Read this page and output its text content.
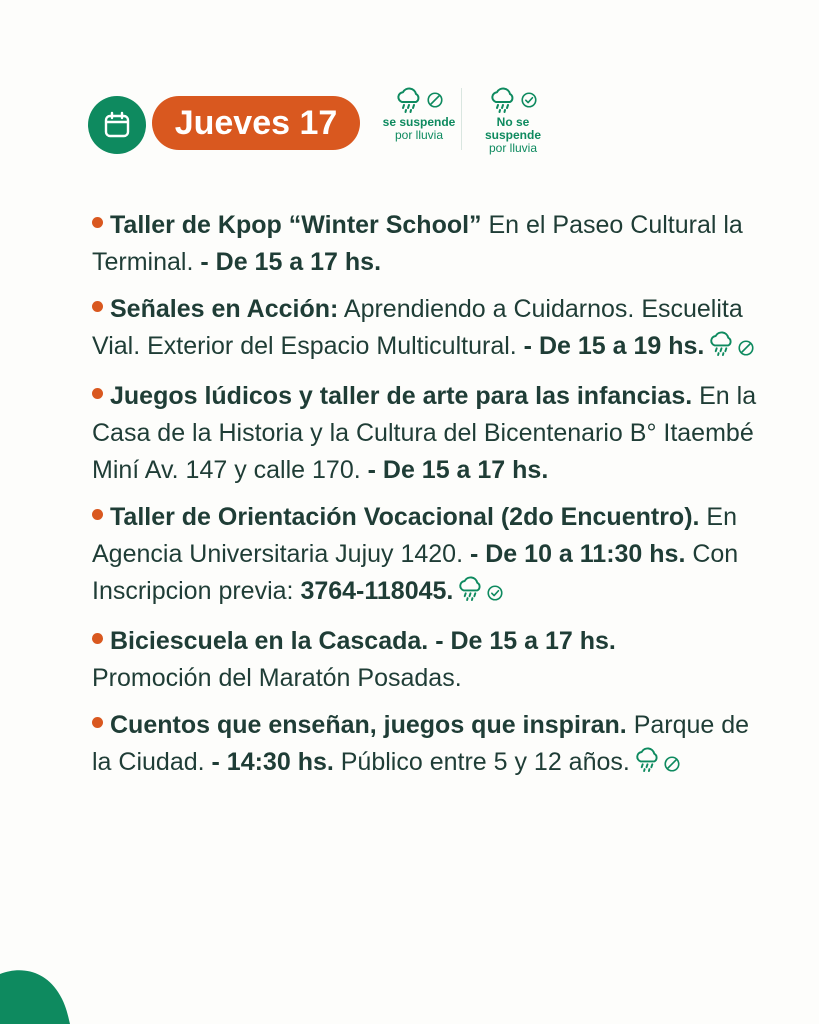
Jueves 17	se suspende
por lluvia
No se suspende
por lluvia
Taller de Kpop “Winter School” En el Paseo Cultural la Terminal. - De 15 a 17 hs.
Señales en Acción: Aprendiendo a Cuidarnos. Escuelita Vial. Exterior del Espacio Multicultural. - De 15 a 19 hs.
Juegos lúdicos y taller de arte para las infancias. En la Casa de la Historia y la Cultura del Bicentenario B° Itaembé Miní Av. 147 y calle 170. - De 15 a 17 hs.
Taller de Orientación Vocacional (2do Encuentro). En Agencia Universitaria Jujuy 1420. - De 10 a 11:30 hs. Con Inscripcion previa: 3764-118045.
Biciescuela en la Cascada. - De 15 a 17 hs.
Promoción del Maratón Posadas.
Cuentos que enseñan, juegos que inspiran. Parque de la Ciudad. - 14:30 hs. Público entre 5 y 12 años.
